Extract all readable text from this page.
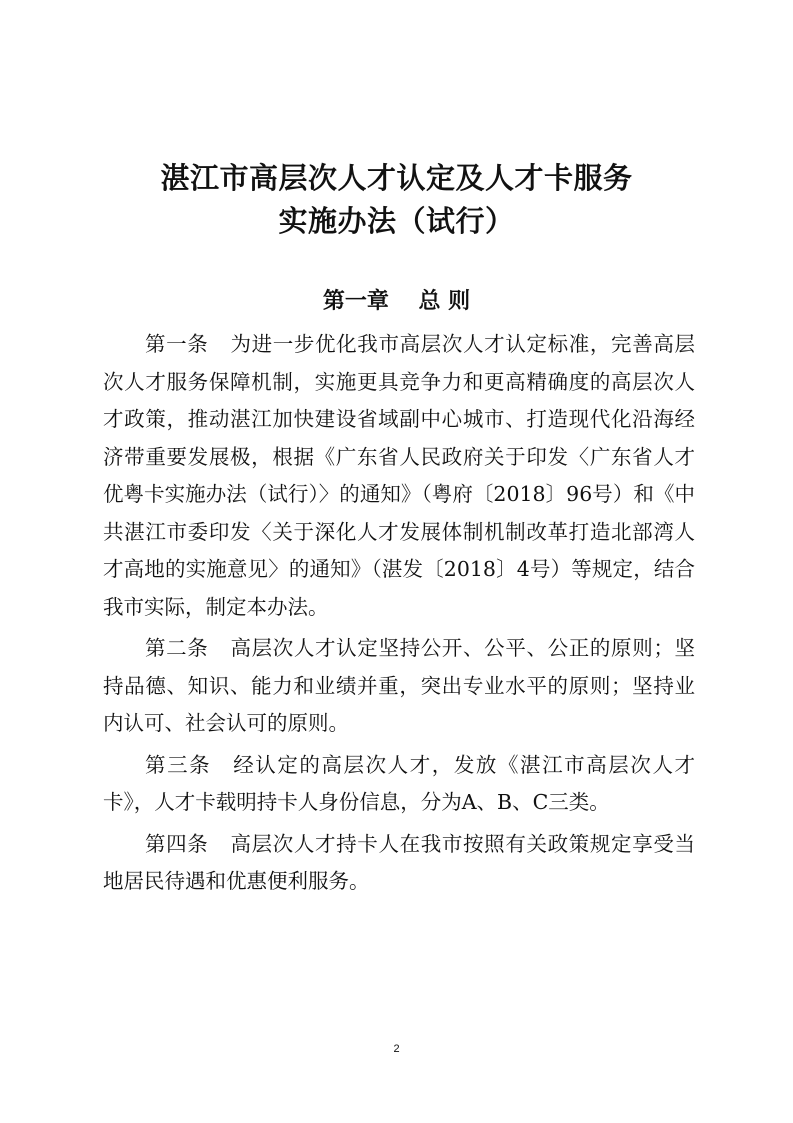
湛江市高层次人才认定及人才卡服务
实施办法（试行）
第一章　 总 则

第一条 为进一步优化我市高层次人才认定标准，完善高层次人才服务保障机制，实施更具竞争力和更高精确度的高层次人才政策，推动湛江加快建设省域副中心城市、打造现代化沿海经济带重要发展极，根据《广东省人民政府关于印发〈广东省人才优粤卡实施办法（试行）〉的通知》（粤府〔2018〕96号）和《中共湛江市委印发〈关于深化人才发展体制机制改革打造北部湾人才高地的实施意见〉的通知》（湛发〔2018〕4号）等规定，结合我市实际，制定本办法。

第二条 高层次人才认定坚持公开、公平、公正的原则；坚持品德、知识、能力和业绩并重，突出专业水平的原则；坚持业内认可、社会认可的原则。

第三条 经认定的高层次人才，发放《湛江市高层次人才卡》，人才卡载明持卡人身份信息，分为A、B、C三类。

第四条 高层次人才持卡人在我市按照有关政策规定享受当地居民待遇和优惠便利服务。

2
